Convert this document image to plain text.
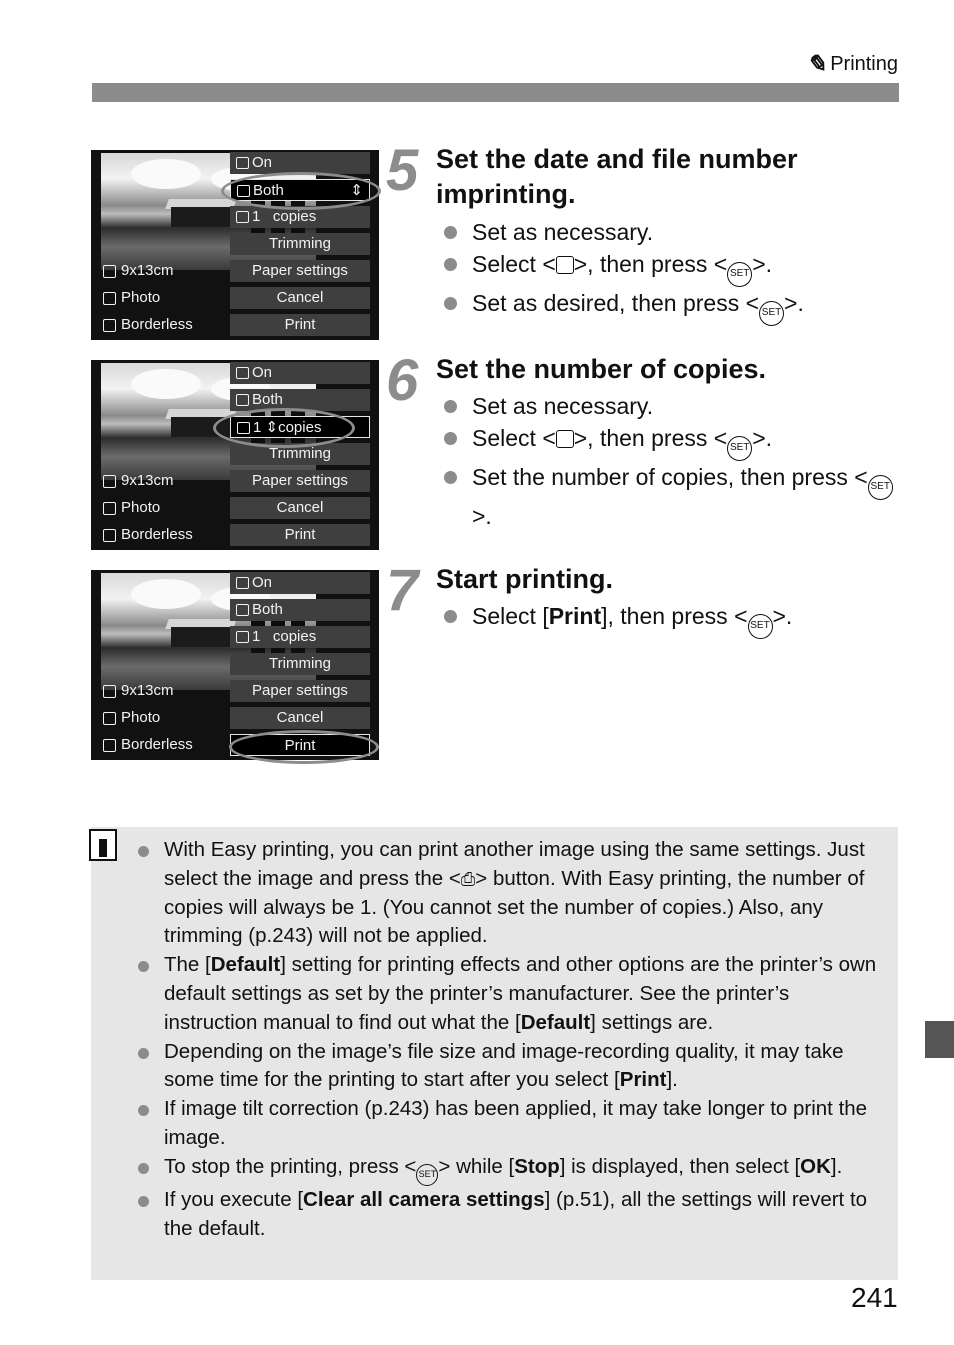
✎ Printing
On
Both	⇕
1 copies
Trimming
Paper settings
Cancel
Print
9x13cm
Photo
Borderless
On
Both
1 ⇕copies
Trimming
Paper settings
Cancel
Print
9x13cm
Photo
Borderless
On
Both
1 copies
Trimming
Paper settings
Cancel
Print
9x13cm
Photo
Borderless
5 Set the date and file number imprinting.
Set as necessary.
Select < >, then press < SET >.
Set as desired, then press < SET >.
6 Set the number of copies.
Set as necessary.
Select < >, then press < SET >.
Set the number of copies, then press < SET>.
7 Start printing.
Select [Print], then press < SET >.
With Easy printing, you can print another image using the same settings. Just select the image and press the <⎙> button. With Easy printing, the number of copies will always be 1. (You cannot set the number of copies.) Also, any trimming (p.243) will not be applied.
The [Default] setting for printing effects and other options are the printer’s own default settings as set by the printer’s manufacturer. See the printer’s instruction manual to find out what the [Default] settings are.
Depending on the image’s file size and image-recording quality, it may take some time for the printing to start after you select [Print].
If image tilt correction (p.243) has been applied, it may take longer to print the image.
To stop the printing, press < SET > while [Stop] is displayed, then select [OK].
If you execute [Clear all camera settings] (p.51), all the settings will revert to the default.
241
